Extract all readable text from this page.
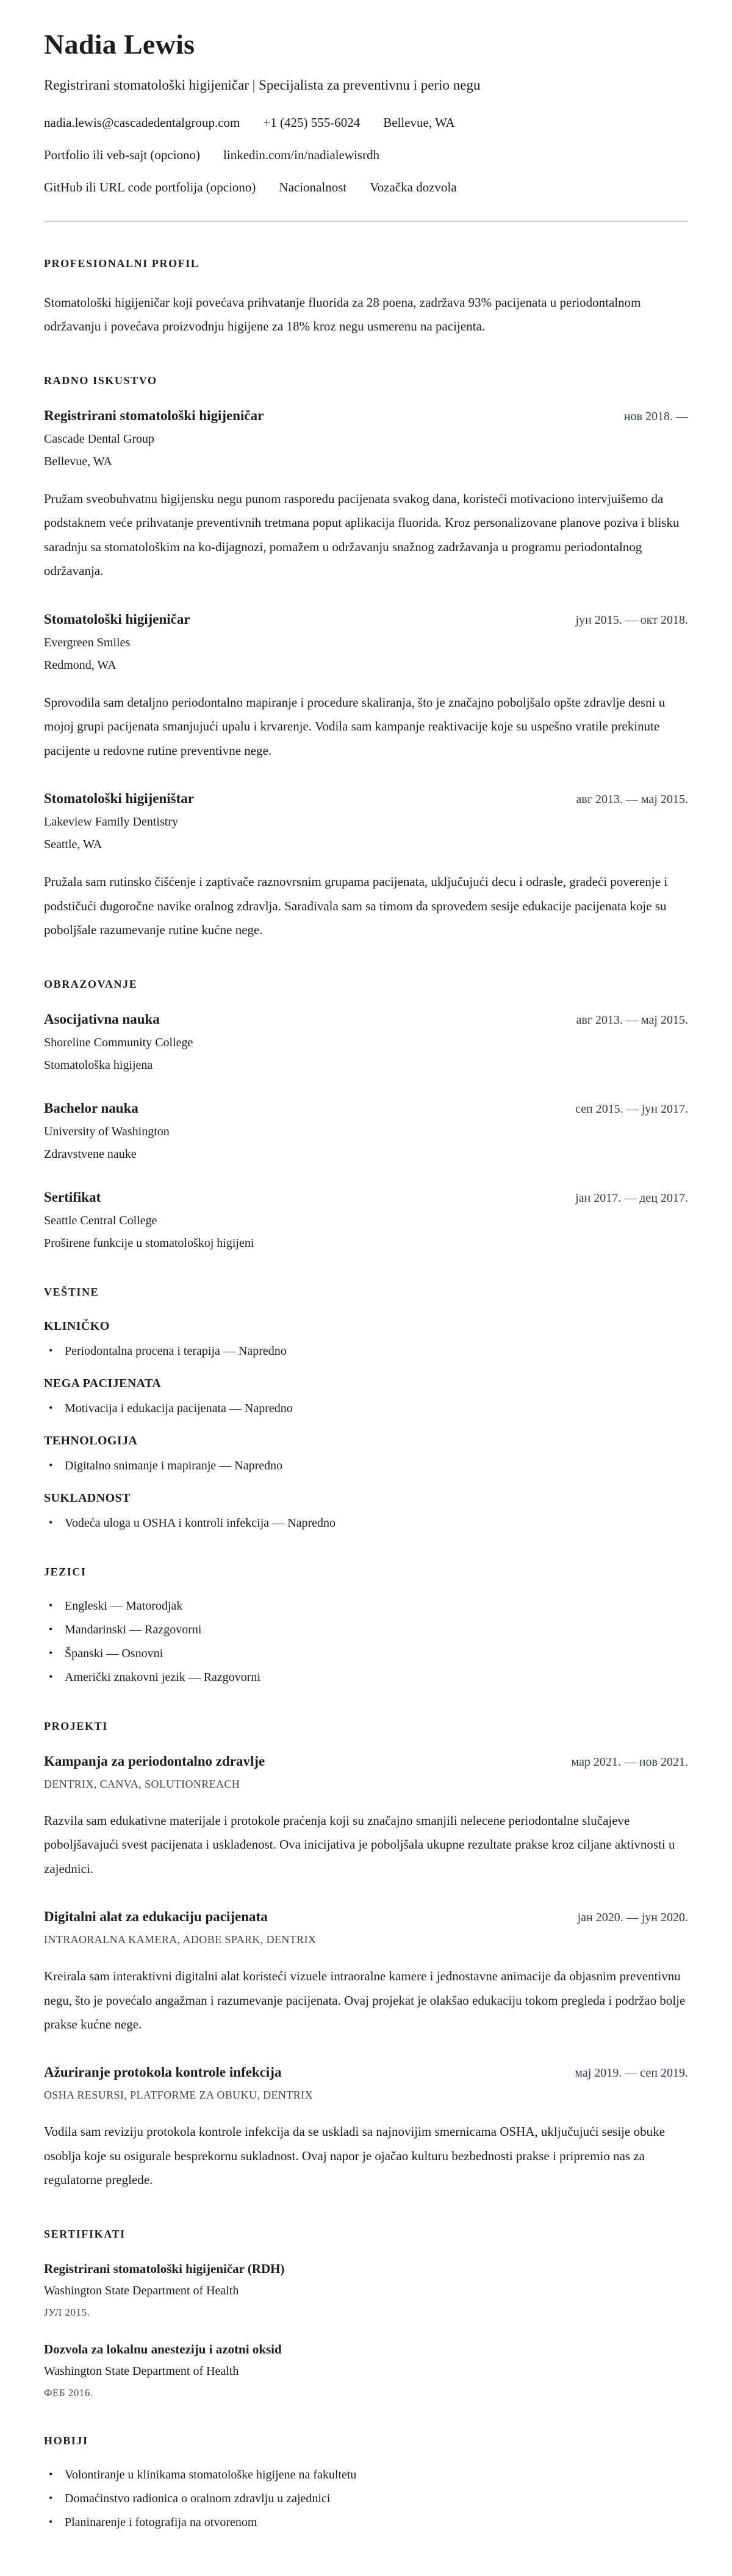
Nadia Lewis
Registrirani stomatološki higijeničar | Specijalista za preventivnu i perio negu
nadia.lewis@cascadedentalgroup.com +1 (425) 555-6024 Bellevue, WA
Portfolio ili veb-sajt (opciono) linkedin.com/in/nadialewisrdh
GitHub ili URL code portfolija (opciono) Nacionalnost Vozačka dozvola
PROFESIONALNI PROFIL

Stomatološki higijeničar koji povećava prihvatanje fluorida za 28 poena, zadržava 93% pacijenata u periodontalnom održavanju i povećava proizvodnju higijene za 18% kroz negu usmerenu na pacijenta.

RADNO ISKUSTVO
Registrirani stomatološki higijeničar	нов 2018. —
Cascade Dental Group
Bellevue, WA

Pružam sveobuhvatnu higijensku negu punom rasporedu pacijenata svakog dana, koristeći motivaciono intervjuišemo da podstaknem veće prihvatanje preventivnih tretmana poput aplikacija fluorida. Kroz personalizovane planove poziva i blisku saradnju sa stomatološkim na ko-dijagnozi, pomažem u održavanju snažnog zadržavanja u programu periodontalnog održavanja.

Stomatološki higijeničar	јун 2015. — окт 2018.
Evergreen Smiles
Redmond, WA

Sprovodila sam detaljno periodontalno mapiranje i procedure skaliranja, što je značajno poboljšalo opšte zdravlje desni u mojoj grupi pacijenata smanjujući upalu i krvarenje. Vodila sam kampanje reaktivacije koje su uspešno vratile prekinute pacijente u redovne rutine preventivne nege.

Stomatološki higijeništar	авг 2013. — мај 2015.
Lakeview Family Dentistry
Seattle, WA

Pružala sam rutinsko čišćenje i zaptivače raznovrsnim grupama pacijenata, uključujući decu i odrasle, gradeći poverenje i podstičući dugoročne navike oralnog zdravlja. Saradivala sam sa timom da sprovedem sesije edukacije pacijenata koje su poboljšale razumevanje rutine kućne nege.

OBRAZOVANJE
Asocijativna nauka	авг 2013. — мај 2015.
Shoreline Community College
Stomatološka higijena
Bachelor nauka	сеп 2015. — јун 2017.
University of Washington
Zdravstvene nauke
Sertifikat	јан 2017. — дец 2017.
Seattle Central College
Proširene funkcije u stomatološkoj higijeni
VEŠTINE
KLINIČKO
• Periodontalna procena i terapija — Napredno
NEGA PACIJENATA
• Motivacija i edukacija pacijenata — Napredno
TEHNOLOGIJA
• Digitalno snimanje i mapiranje — Napredno
SUKLADNOST
• Vodeća uloga u OSHA i kontroli infekcija — Napredno
JEZICI
• Engleski — Matorodjak
• Mandarinski — Razgovorni
• Španski — Osnovni
• Američki znakovni jezik — Razgovorni
PROJEKTI
Kampanja za periodontalno zdravlje	мар 2021. — нов 2021.
DENTRIX, CANVA, SOLUTIONREACH

Razvila sam edukativne materijale i protokole praćenja koji su značajno smanjili nelecene periodontalne slučajeve poboljšavajući svest pacijenata i usklađenost. Ova inicijativa je poboljšala ukupne rezultate prakse kroz ciljane aktivnosti u zajednici.

Digitalni alat za edukaciju pacijenata	јан 2020. — јун 2020.
INTRAORALNA KAMERA, ADOBE SPARK, DENTRIX

Kreirala sam interaktivni digitalni alat koristeći vizuele intraoralne kamere i jednostavne animacije da objasnim preventivnu negu, što je povećalo angažman i razumevanje pacijenata. Ovaj projekat je olakšao edukaciju tokom pregleda i podržao bolje prakse kućne nege.

Ažuriranje protokola kontrole infekcija	мај 2019. — сеп 2019.
OSHA RESURSI, PLATFORME ZA OBUKU, DENTRIX

Vodila sam reviziju protokola kontrole infekcija da se uskladi sa najnovijim smernicama OSHA, uključujući sesije obuke osoblja koje su osigurale besprekornu sukladnost. Ovaj napor je ojačao kulturu bezbednosti prakse i pripremio nas za regulatorne preglede.

SERTIFIKATI
Registrirani stomatološki higijeničar (RDH)
Washington State Department of Health
ЈУЛ 2015.
Dozvola za lokalnu anesteziju i azotni oksid
Washington State Department of Health
ФЕБ 2016.
HOBIJI
• Volontiranje u klinikama stomatološke higijene na fakultetu
• Domaćinstvo radionica o oralnom zdravlju u zajednici
• Planinarenje i fotografija na otvorenom
